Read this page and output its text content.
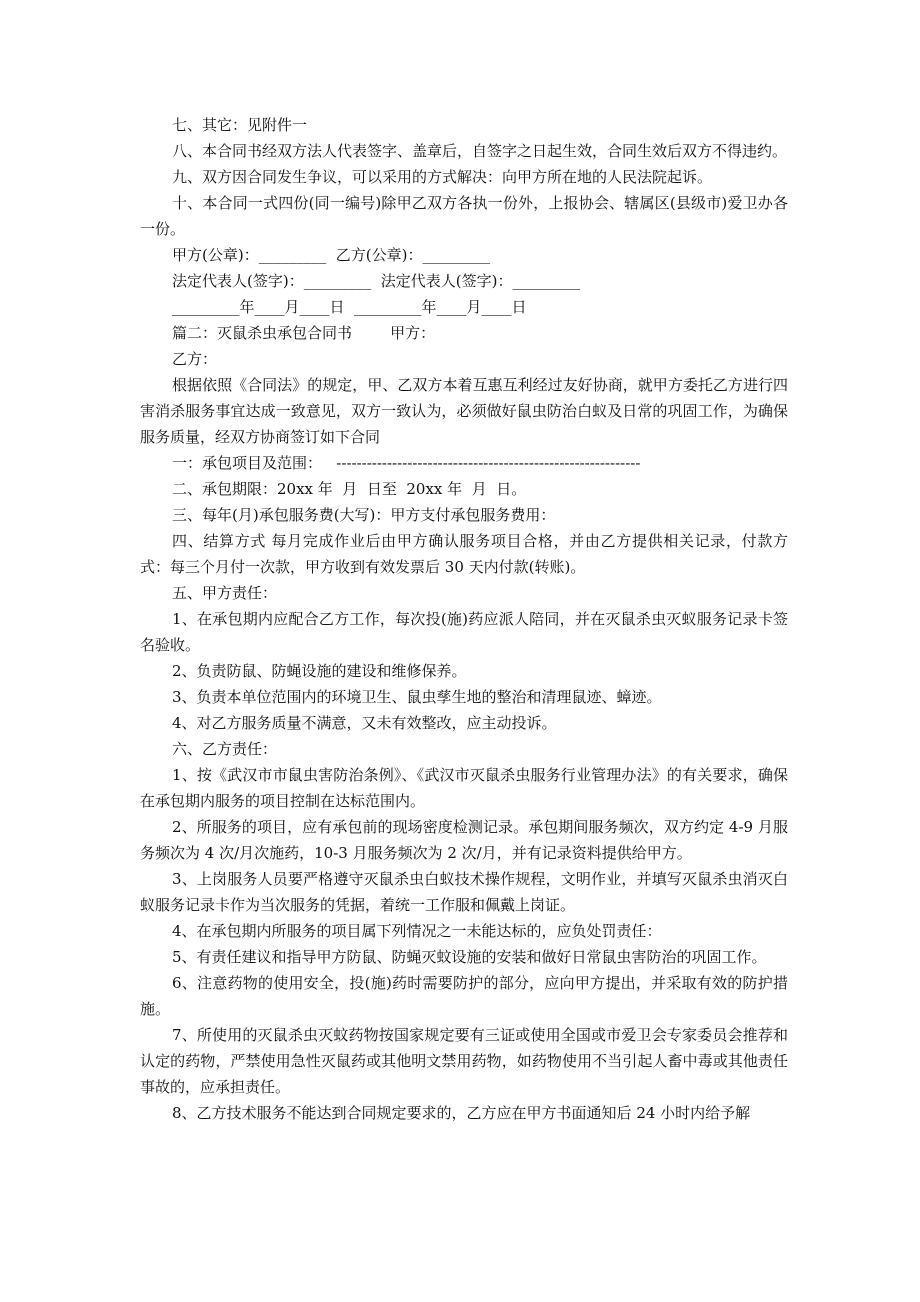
七、其它：见附件一

八、本合同书经双方法人代表签字、盖章后，自签字之日起生效，合同生效后双方不得违约。

九、双方因合同发生争议，可以采用的方式解决：向甲方所在地的人民法院起诉。

十、本合同一式四份(同一编号)除甲乙双方各执一份外，上报协会、辖属区(县级市)爱卫办各一份。

甲方(公章)：_________  乙方(公章)：_________

法定代表人(签字)：_________  法定代表人(签字)：_________

_________年____月____日  _________年____月____日

篇二：灭鼠杀虫承包合同书        甲方：

乙方：

根据依照《合同法》的规定，甲、乙双方本着互惠互利经过友好协商，就甲方委托乙方进行四害消杀服务事宜达成一致意见，双方一致认为，必须做好鼠虫防治白蚁及日常的巩固工作，为确保服务质量，经双方协商签订如下合同

一：承包项目及范围：   ------------------------------------------------------------

二、承包期限：20xx 年  月  日至  20xx 年  月  日。

三、每年(月)承包服务费(大写)：甲方支付承包服务费用：

四、结算方式 每月完成作业后由甲方确认服务项目合格，并由乙方提供相关记录，付款方式：每三个月付一次款，甲方收到有效发票后 30 天内付款(转账)。

五、甲方责任：

1、在承包期内应配合乙方工作，每次投(施)药应派人陪同，并在灭鼠杀虫灭蚁服务记录卡签名验收。

2、负责防鼠、防蝇设施的建设和维修保养。

3、负责本单位范围内的环境卫生、鼠虫孳生地的整治和清理鼠迹、蟑迹。

4、对乙方服务质量不满意，又未有效整改，应主动投诉。

六、乙方责任：

1、按《武汉市市鼠虫害防治条例》、《武汉市灭鼠杀虫服务行业管理办法》的有关要求，确保在承包期内服务的项目控制在达标范围内。

2、所服务的项目，应有承包前的现场密度检测记录。承包期间服务频次，双方约定 4-9 月服务频次为 4 次/月次施药，10-3 月服务频次为 2 次/月，并有记录资料提供给甲方。

3、上岗服务人员要严格遵守灭鼠杀虫白蚁技术操作规程，文明作业，并填写灭鼠杀虫消灭白蚁服务记录卡作为当次服务的凭据，着统一工作服和佩戴上岗证。

4、在承包期内所服务的项目属下列情况之一未能达标的，应负处罚责任：

5、有责任建议和指导甲方防鼠、防蝇灭蚊设施的安装和做好日常鼠虫害防治的巩固工作。

6、注意药物的使用安全，投(施)药时需要防护的部分，应向甲方提出，并采取有效的防护措施。

7、所使用的灭鼠杀虫灭蚊药物按国家规定要有三证或使用全国或市爱卫会专家委员会推荐和认定的药物，严禁使用急性灭鼠药或其他明文禁用药物，如药物使用不当引起人畜中毒或其他责任事故的，应承担责任。

8、乙方技术服务不能达到合同规定要求的，乙方应在甲方书面通知后 24 小时内给予解
